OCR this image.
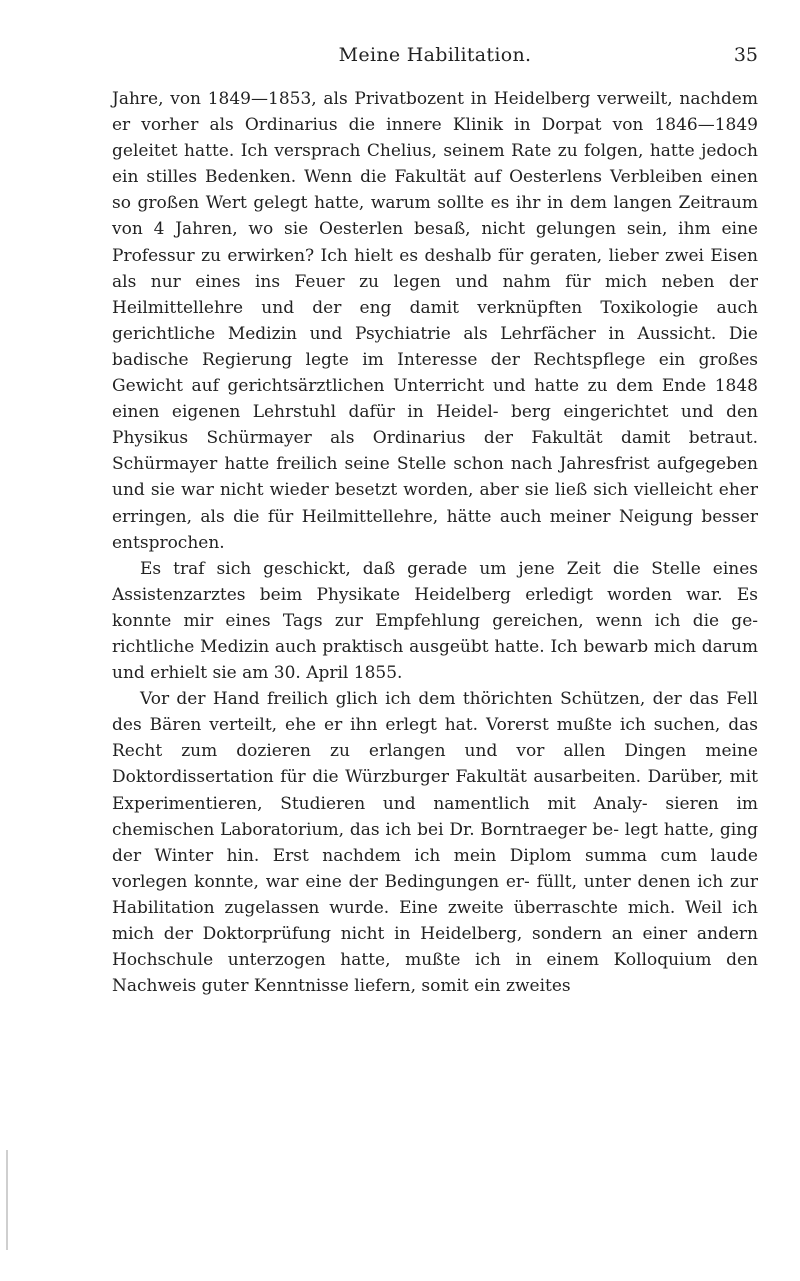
Meine Habilitation.	35

Jahre, von 1849—1853, als Privatbozent in Heidelberg verweilt, nachdem er vorher als Ordinarius die innere Klinik in Dorpat von 1846—1849 geleitet hatte. Ich versprach Chelius, seinem Rate zu folgen, hatte jedoch ein stilles Bedenken. Wenn die Fakultät auf Oesterlens Verbleiben einen so großen Wert gelegt hatte, warum sollte es ihr in dem langen Zeitraum von 4 Jahren, wo sie Oesterlen besaß, nicht gelungen sein, ihm eine Professur zu erwirken? Ich hielt es deshalb für geraten, lieber zwei Eisen als nur eines ins Feuer zu legen und nahm für mich neben der Heilmittellehre und der eng damit verknüpften Toxikologie auch gerichtliche Medizin und Psychiatrie als Lehrfächer in Aussicht. Die badische Regierung legte im Interesse der Rechtspflege ein großes Gewicht auf gerichtsärztlichen Unterricht und hatte zu dem Ende 1848 einen eigenen Lehrstuhl dafür in Heidel- berg eingerichtet und den Physikus Schürmayer als Ordinarius der Fakultät damit betraut. Schürmayer hatte freilich seine Stelle schon nach Jahresfrist aufgegeben und sie war nicht wieder besetzt worden, aber sie ließ sich vielleicht eher erringen, als die für Heilmittellehre, hätte auch meiner Neigung besser entsprochen.

Es traf sich geschickt, daß gerade um jene Zeit die Stelle eines Assistenzarztes beim Physikate Heidelberg erledigt worden war. Es konnte mir eines Tags zur Empfehlung gereichen, wenn ich die ge- richtliche Medizin auch praktisch ausgeübt hatte. Ich bewarb mich darum und erhielt sie am 30. April 1855.

Vor der Hand freilich glich ich dem thörichten Schützen, der das Fell des Bären verteilt, ehe er ihn erlegt hat. Vorerst mußte ich suchen, das Recht zum dozieren zu erlangen und vor allen Dingen meine Doktordissertation für die Würzburger Fakultät ausarbeiten. Darüber, mit Experimentieren, Studieren und namentlich mit Analy- sieren im chemischen Laboratorium, das ich bei Dr. Borntraeger be- legt hatte, ging der Winter hin. Erst nachdem ich mein Diplom summa cum laude vorlegen konnte, war eine der Bedingungen er- füllt, unter denen ich zur Habilitation zugelassen wurde. Eine zweite überraschte mich. Weil ich mich der Doktorprüfung nicht in Heidelberg, sondern an einer andern Hochschule unterzogen hatte, mußte ich in einem Kolloquium den Nachweis guter Kenntnisse liefern, somit ein zweites
